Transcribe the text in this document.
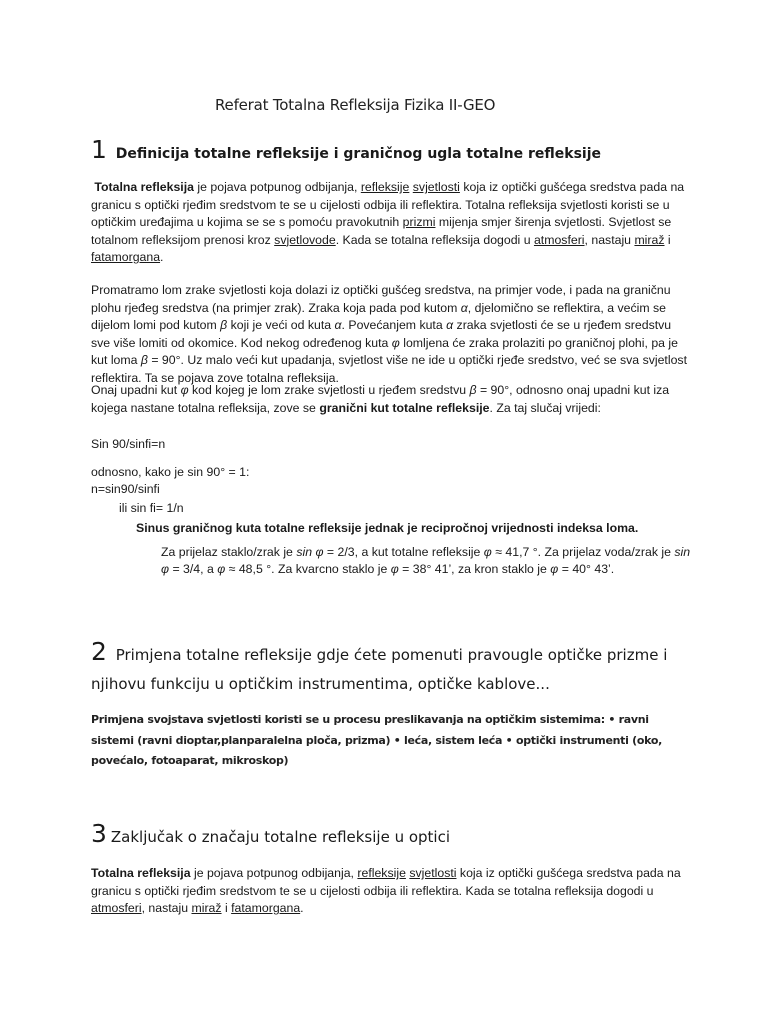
Referat Totalna Refleksija Fizika II-GEO
1 Definicija totalne refleksije i graničnog ugla totalne refleksije
Totalna refleksija je pojava potpunog odbijanja, refleksije svjetlosti koja iz optički gušćega sredstva pada na granicu s optički rjeđim sredstvom te se u cijelosti odbija ili reflektira. Totalna refleksija svjetlosti koristi se u optičkim uređajima u kojima se se s pomoću pravokutnih prizmi mijenja smjer širenja svjetlosti. Svjetlost se totalnom refleksijom prenosi kroz svjetlovode. Kada se totalna refleksija dogodi u atmosferi, nastaju miraž i fatamorgana.
Promatramo lom zrake svjetlosti koja dolazi iz optički gušćeg sredstva, na primjer vode, i pada na graničnu plohu rjeđeg sredstva (na primjer zrak). Zraka koja pada pod kutom α, djelomično se reflektira, a većim se dijelom lomi pod kutom β koji je veći od kuta α. Povećanjem kuta α zraka svjetlosti će se u rjeđem sredstvu sve više lomiti od okomice. Kod nekog određenog kuta φ lomljena će zraka prolaziti po graničnoj plohi, pa je kut loma β = 90°. Uz malo veći kut upadanja, svjetlost više ne ide u optički rjeđe sredstvo, već se sva svjetlost reflektira. Ta se pojava zove totalna refleksija.
Onaj upadni kut φ kod kojeg je lom zrake svjetlosti u rjeđem sredstvu β = 90°, odnosno onaj upadni kut iza kojega nastane totalna refleksija, zove se granični kut totalne refleksije. Za taj slučaj vrijedi:
Sin 90/sinfi=n
odnosno, kako je sin 90° = 1:
n=sin90/sinfi
ili sin fi= 1/n
Sinus graničnog kuta totalne refleksije jednak je recipročnoj vrijednosti indeksa loma.
Za prijelaz staklo/zrak je sin φ = 2/3, a kut totalne refleksije φ ≈ 41,7 °. Za prijelaz voda/zrak je sin φ = 3/4, a φ ≈ 48,5 °. Za kvarcno staklo je φ = 38° 41’, za kron staklo je φ = 40° 43’.
2 Primjena totalne refleksije gdje ćete pomenuti pravougle optičke prizme i njihovu funkciju u optičkim instrumentima, optičke kablove...
Primjena svojstava svjetlosti koristi se u procesu preslikavanja na optičkim sistemima: • ravni sistemi (ravni dioptar,planparalelna ploča, prizma) • leća, sistem leća • optički instrumenti (oko, povećalo, fotoaparat, mikroskop)
3 Zaključak o značaju totalne refleksije u optici
Totalna refleksija je pojava potpunog odbijanja, refleksije svjetlosti koja iz optički gušćega sredstva pada na granicu s optički rjeđim sredstvom te se u cijelosti odbija ili reflektira. Kada se totalna refleksija dogodi u atmosferi, nastaju miraž i fatamorgana.
